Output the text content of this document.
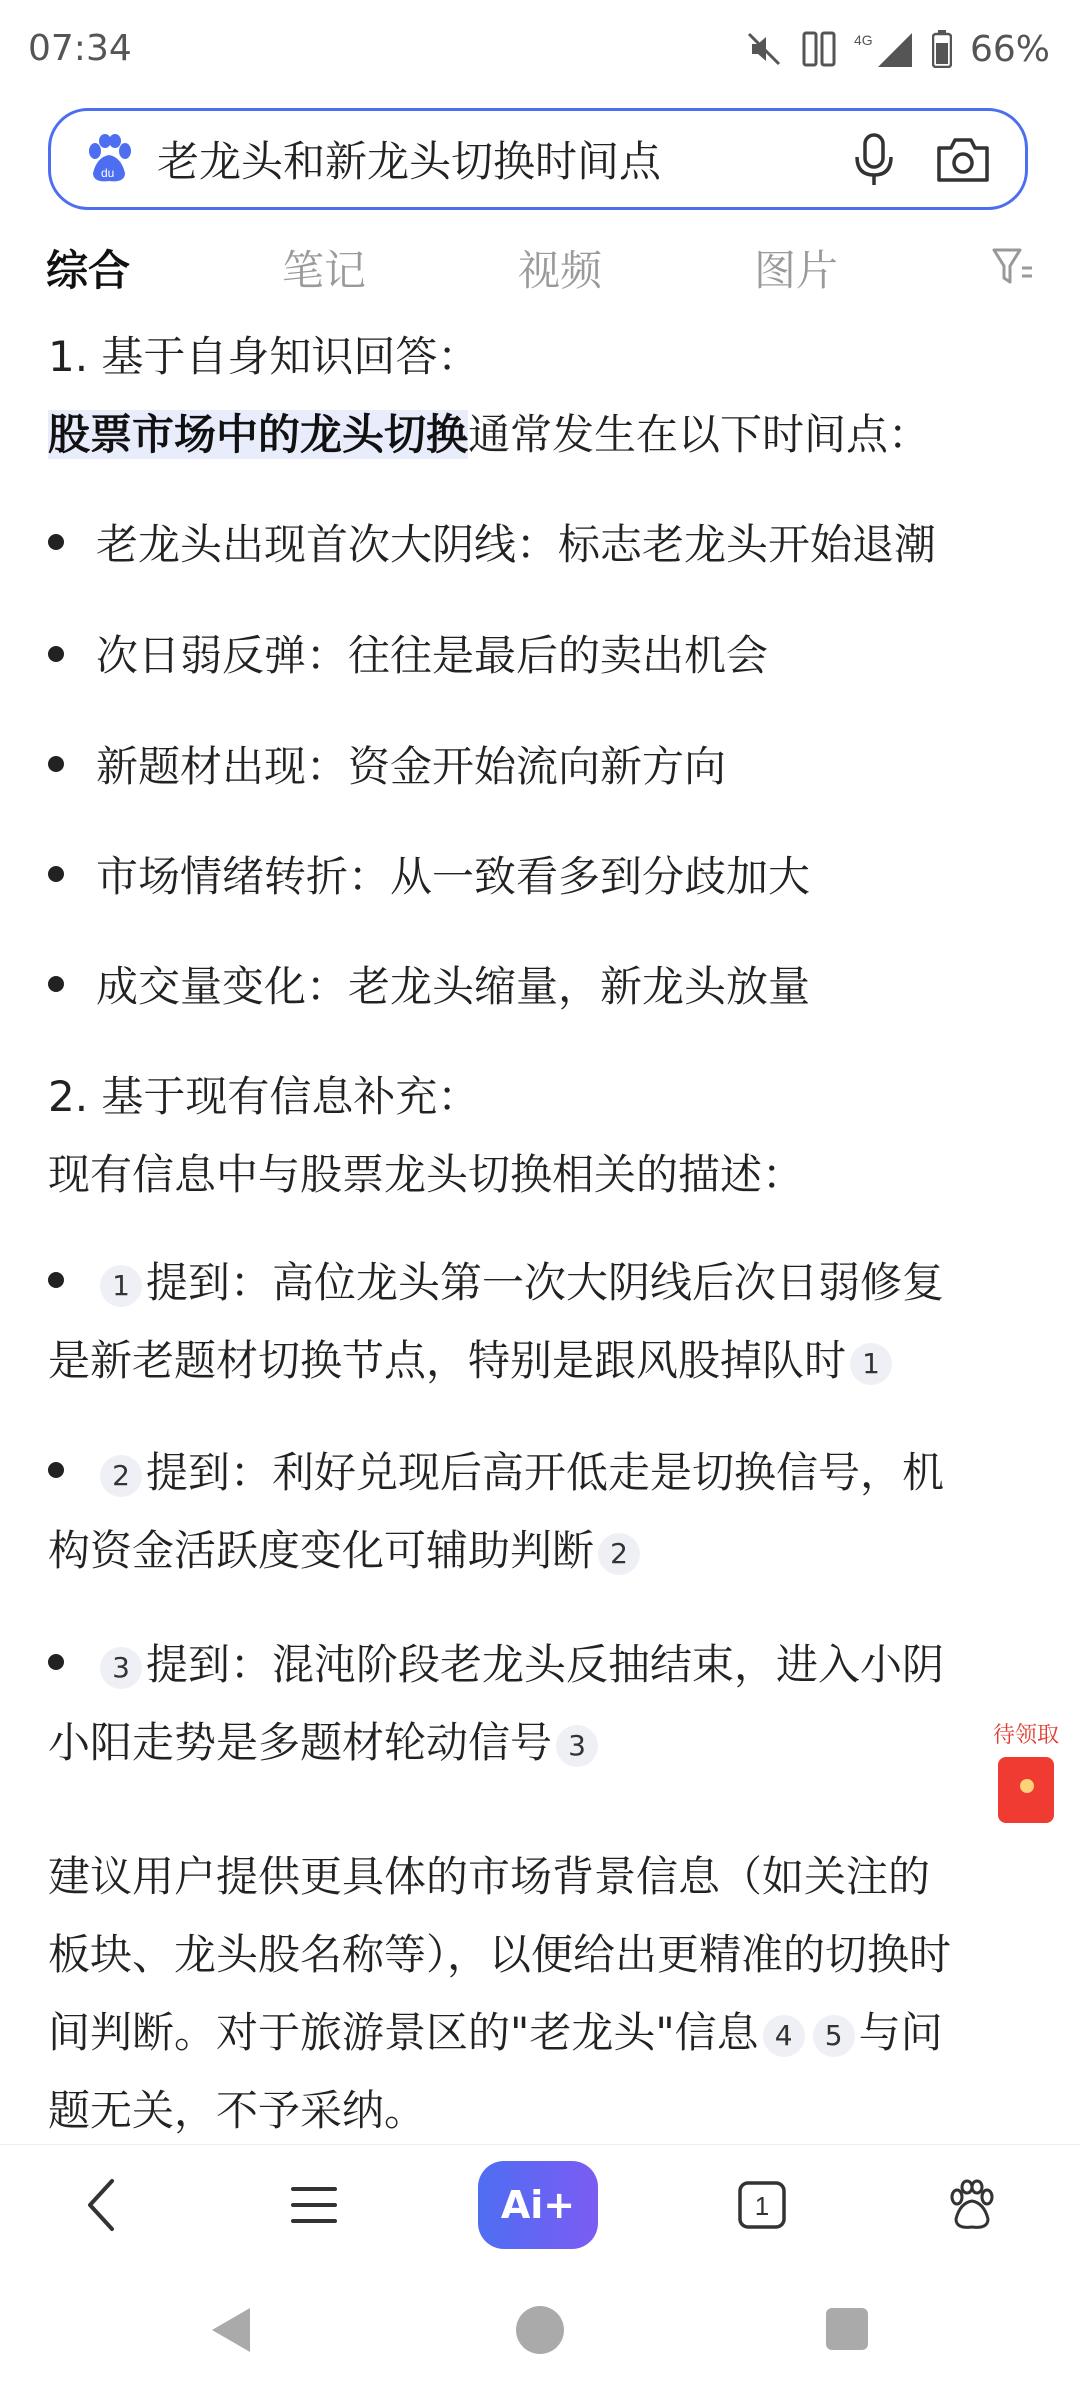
07:34	4G	66%
du 老龙头和新龙头切换时间点
综合	笔记	视频	图片
1. 基于自身知识回答：
股票市场中的龙头切换通常发生在以下时间点：
老龙头出现首次大阴线：标志老龙头开始退潮
次日弱反弹：往往是最后的卖出机会
新题材出现：资金开始流向新方向
市场情绪转折：从一致看多到分歧加大
成交量变化：老龙头缩量，新龙头放量
2. 基于现有信息补充：
现有信息中与股票龙头切换相关的描述：
1 提到：高位龙头第一次大阴线后次日弱修复
是新老题材切换节点，特别是跟风股掉队时 1
2 提到：利好兑现后高开低走是切换信号，机
构资金活跃度变化可辅助判断 2
3 提到：混沌阶段老龙头反抽结束，进入小阴
小阳走势是多题材轮动信号 3
建议用户提供更具体的市场背景信息（如关注的
板块、龙头股名称等），以便给出更精准的切换时
间判断。对于旅游景区的"老龙头"信息 4 5 与问
题无关，不予采纳。
待领取
Ai+	1
